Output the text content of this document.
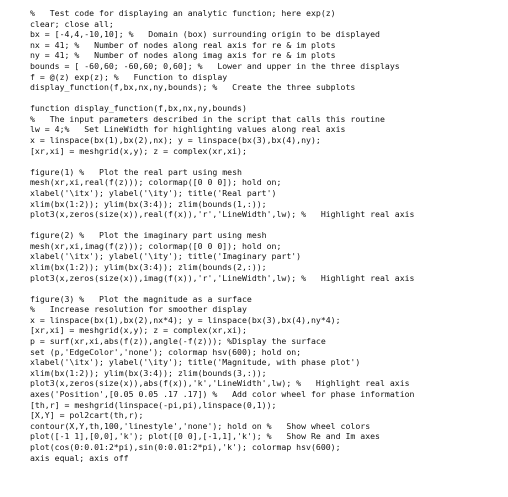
%   Test code for displaying an analytic function; here exp(z)
clear; close all;
bx = [-4,4,-10,10]; %   Domain (box) surrounding origin to be displayed
nx = 41; %   Number of nodes along real axis for re & im plots
ny = 41; %   Number of nodes along imag axis for re & im plots
bounds = [ -60,60; -60,60; 0,60]; %   Lower and upper in the three displays
f = @(z) exp(z); %   Function to display
display_function(f,bx,nx,ny,bounds); %   Create the three subplots
function display_function(f,bx,nx,ny,bounds)
%   The input parameters described in the script that calls this routine
lw = 4;%   Set LineWidth for highlighting values along real axis
x = linspace(bx(1),bx(2),nx); y = linspace(bx(3),bx(4),ny);
[xr,xi] = meshgrid(x,y); z = complex(xr,xi);
figure(1) %   Plot the real part using mesh
mesh(xr,xi,real(f(z))); colormap([0 0 0]); hold on;
xlabel('\itx'); ylabel('\ity'); title('Real part')
xlim(bx(1:2)); ylim(bx(3:4)); zlim(bounds(1,:));
plot3(x,zeros(size(x)),real(f(x)),'r','LineWidth',lw); %   Highlight real axis
figure(2) %   Plot the imaginary part using mesh
mesh(xr,xi,imag(f(z))); colormap([0 0 0]); hold on;
xlabel('\itx'); ylabel('\ity'); title('Imaginary part')
xlim(bx(1:2)); ylim(bx(3:4)); zlim(bounds(2,:));
plot3(x,zeros(size(x)),imag(f(x)),'r','LineWidth',lw); %   Highlight real axis
figure(3) %   Plot the magnitude as a surface
%   Increase resolution for smoother display
x = linspace(bx(1),bx(2),nx*4); y = linspace(bx(3),bx(4),ny*4);
[xr,xi] = meshgrid(x,y); z = complex(xr,xi);
p = surf(xr,xi,abs(f(z)),angle(-f(z))); %Display the surface
set (p,'EdgeColor','none'); colormap hsv(600); hold on;
xlabel('\itx'); ylabel('\ity'); title('Magnitude, with phase plot')
xlim(bx(1:2)); ylim(bx(3:4)); zlim(bounds(3,:));
plot3(x,zeros(size(x)),abs(f(x)),'k','LineWidth',lw); %   Highlight real axis
axes('Position',[0.05 0.05 .17 .17]) %   Add color wheel for phase information
[th,r] = meshgrid(linspace(-pi,pi),linspace(0,1));
[X,Y] = pol2cart(th,r);
contour(X,Y,th,100,'linestyle','none'); hold on %   Show wheel colors
plot([-1 1],[0,0],'k'); plot([0 0],[-1,1],'k'); %   Show Re and Im axes
plot(cos(0:0.01:2*pi),sin(0:0.01:2*pi),'k'); colormap hsv(600);
axis equal; axis off
